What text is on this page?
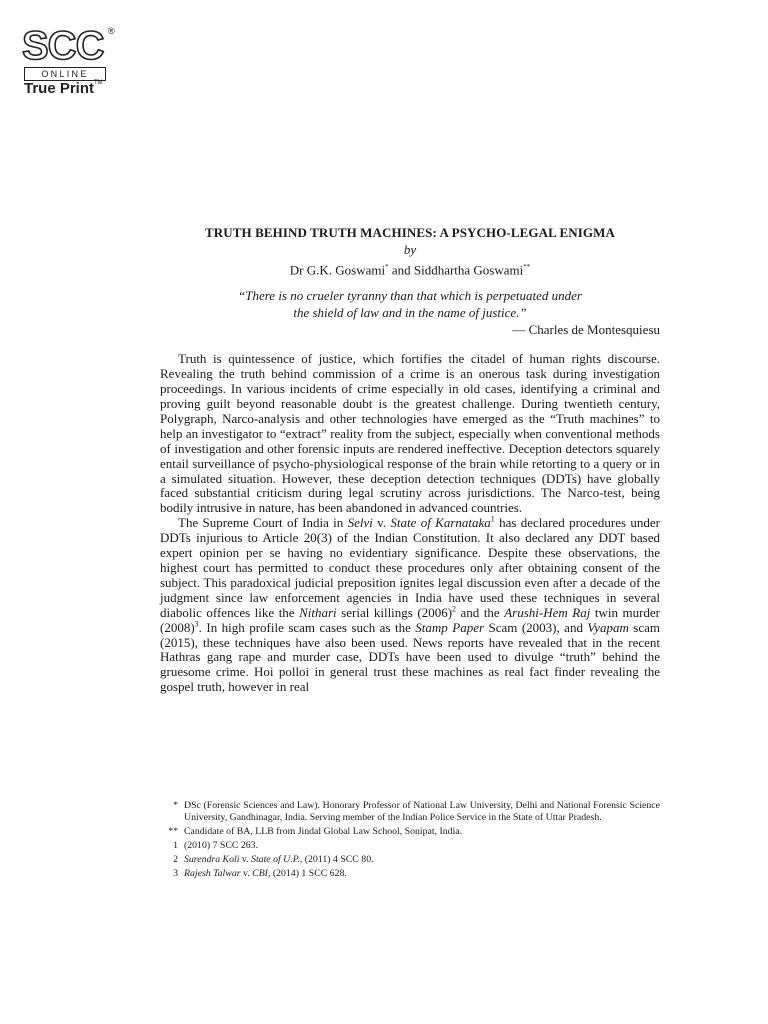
SCC ®
ONLINE
True Print™

TRUTH BEHIND TRUTH MACHINES: A PSYCHO-LEGAL ENIGMA

by

Dr G.K. Goswami* and Siddhartha Goswami**

“There is no crueler tyranny than that which is perpetuated under
the shield of law and in the name of justice.”

— Charles de Montesquiesu

Truth is quintessence of justice, which fortifies the citadel of human rights discourse. Revealing the truth behind commission of a crime is an onerous task during investigation proceedings. In various incidents of crime especially in old cases, identifying a criminal and proving guilt beyond reasonable doubt is the greatest challenge. During twentieth century, Polygraph, Narco-analysis and other technologies have emerged as the “Truth machines” to help an investigator to “extract” reality from the subject, especially when conventional methods of investigation and other forensic inputs are rendered ineffective. Deception detectors squarely entail surveillance of psycho-physiological response of the brain while retorting to a query or in a simulated situation. However, these deception detection techniques (DDTs) have globally faced substantial criticism during legal scrutiny across jurisdictions. The Narco-test, being bodily intrusive in nature, has been abandoned in advanced countries.

The Supreme Court of India in Selvi v. State of Karnataka$^1$ has declared procedures under DDTs injurious to Article 20(3) of the Indian Constitution. It also declared any DDT based expert opinion per se having no evidentiary significance. Despite these observations, the highest court has permitted to conduct these procedures only after obtaining consent of the subject. This paradoxical judicial preposition ignites legal discussion even after a decade of the judgment since law enforcement agencies in India have used these techniques in several diabolic offences like the Nithari serial killings $(2006)^2$ and the Arushi-Hem Raj twin murder $(2008)^3$. In high profile scam cases such as the Stamp Paper Scam (2003), and Vyapam scam (2015), these techniques have also been used. News reports have revealed that in the recent Hathras gang rape and murder case, DDTs have been used to divulge “truth” behind the gruesome crime. Hoi polloi in general trust these machines as real fact finder revealing the gospel truth, however in real

* DSc (Forensic Sciences and Law). Honorary Professor of National Law University, Delhi and National Forensic Science University, Gandhinagar, India. Serving member of the Indian Police Service in the State of Uttar Pradesh.
** Candidate of BA, LLB from Jindal Global Law School, Sonipat, India.
1 (2010) 7 SCC 263.
2 Surendra Koli v. State of U.P., (2011) 4 SCC 80.
3 Rajesh Talwar v. CBI, (2014) 1 SCC 628.
